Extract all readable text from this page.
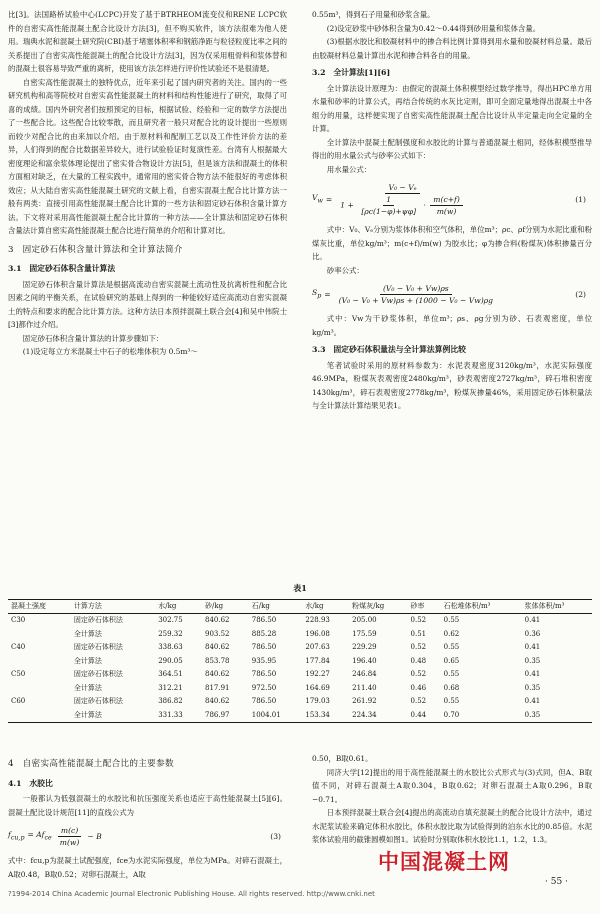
比[3]。法国路桥试验中心(LCPC)开发了基于BTRHEOM流变仪和RENE LCPC软件的自密实高性能混凝土配合比设计方法[3]，但不购买软件，该方法很难为他人使用。瑞典水泥和混凝土研究院(CBI)基于堵塞体积率和钢筋净距与粒径粒度比率之间的关系提出了自密实高性能混凝土的配合比设计方法[3]，因为仅采用粗骨料和浆体替和的混凝土很容易导致严重的离析，使用该方法怎样进行评价性试验还不是很清楚。

自密实高性能混凝土的独特优点，近年来引起了国内研究者的关注。国内的一些研究机构和高等院校对自密实高性能混凝土的材料和结构性能进行了研究，取得了可喜的成绩。国内外研究者们按照预定的目标，根据试验、经验和一定的数学方法提出了一些配合比。这些配合比较零散，而且研究者一般只对配合比的设计提出一些原则而较少对配合比的由来加以介绍。由于原材料和配制工艺以及工作性评价方法的差异，人们得到的配合比数据差异较大，进行试验验证时复演性差。台湾有人根据最大密度理论和富余浆体理论提出了密实骨合物设计方法[5]，但是该方法和混凝土的体积方面相对缺乏，在大量的工程实践中，通常用的密实骨合物方法不能很好的考虑体积效应；从大陆自密实高性能混凝土研究的文献上看，自密实混凝土配合比计算方法一般有两类：直接引用高性能混凝土配合比计算的一些方法和固定砂石体积含量计算方法。下文将对采用高性能混凝土配合比计算的一种方法——全计算法和固定砂石体积含量法计算自密实高性能混凝土配合比进行简单的介绍和计算对比。

3　固定砂石体积含量计算法和全计算法简介
3.1　固定砂石体积含量计算法

固定砂石体积含量计算法是根据高流动自密实混凝土流动性及抗离析性和配合比因素之间的平衡关系，在试验研究的基础上得到的一种能较好适应高流动自密实混凝土的特点和要求的配合比计算方法。这种方法日本预拌混凝土联合会[4]和吴中伟院士[3]都作过介绍。

固定砂石体积含量计算法的计算步骤如下：

(1)设定每立方米混凝土中石子的松堆体积为 0.5m³～

0.55m³，得到石子用量和砂浆含量。

(2)设定砂浆中砂体积含量为0.42～0.44得到砂用量和浆体含量。

(3)根据水胶比和胶凝材料中的掺合料比例计算得到用水量和胶凝材料总量。最后由胶凝材料总量计算出水泥和掺合料各自的用量。

3.2　全计算法[1][6]

全计算法设计原理为：由假定的混凝土体积模型经过数学推导，得出HPC单方用水量和砂率的计算公式，再结合传统的水灰比定则，即可全面定量地得出混凝土中各组分的用量，这样便实现了自密实高性能混凝土配合比设计从半定量走向全定量的全计算。

全计算法中混凝土配制强度和水胶比的计算与普通混凝土相同，经体积模型推导得出的用水量公式与砂率公式如下：

用水量公式：

$V_w$ =
V₀ − Vₑ
$1 + \frac{1}{[\rho c(1-\varphi)+\psi\varphi]} \cdot \frac{m(c+f)}{m(w)}$	(1)

式中：V₀、Vₑ分别为浆体体积和空气体积，单位m³；ρc、ρf分别为水泥比重和粉煤灰比重，单位kg/m³；m(c+f)/m(w) 为胶水比；φ为掺合料(粉煤灰)体积掺量百分比。

砂率公式：

$S_p = \frac{\text{(V₀ − V₀ + Vw)ρs}}{\text{(V₀ − V₀ + Vw)ρs + (1000 − V₀ − Vw)ρg}}$	(2)

式中：Vw为干砂浆体积，单位m³；ρs、ρg分别为砂、石表观密度，单位kg/m³。

3.3　固定砂石体积量法与全计算法算例比较

笔者试验时采用的原材料参数为：水泥表观密度3120kg/m³，水泥实际强度46.9MPa，粉煤灰表观密度2480kg/m³，砂表观密度2727kg/m³，碎石堆积密度1430kg/m³，碎石表观密度2778kg/m³，粉煤灰掺量46%，采用固定砂石体积量法与全计算法计算结果见表1。

表1
混凝土强度	计算方法	水/kg	砂/kg	石/kg	水/kg	粉煤灰/kg	砂率	石松堆体积/m³	浆体体积/m³
C30	固定砂石体积法	302.75	840.62	786.50	228.93	205.00	0.52	0.55	0.41
	全计算法	259.32	903.52	885.28	196.08	175.59	0.51	0.62	0.36
C40	固定砂石体积法	338.63	840.62	786.50	207.63	229.29	0.52	0.55	0.41
	全计算法	290.05	853.78	935.95	177.84	196.40	0.48	0.65	0.35
C50	固定砂石体积法	364.51	840.62	786.50	192.27	246.84	0.52	0.55	0.41
	全计算法	312.21	817.91	972.50	164.69	211.40	0.46	0.68	0.35
C60	固定砂石体积法	386.82	840.62	786.50	179.03	261.92	0.52	0.55	0.41
	全计算法	331.33	786.97	1004.01	153.34	224.34	0.44	0.70	0.35
4　自密实高性能混凝土配合比的主要参数
4.1　水胶比

一般都认为低强混凝土的水胶比和抗压强度关系也适应于高性能混凝土[5][6]。混凝土配比设计规范[11]的直线公式为

$f_{cu,p} = Af_{ce} \frac{m(c)}{m(w)} - B$	(3)

式中：fcu,p为混凝土试配强度，fce为水泥实际强度，单位为MPa。对碎石混凝土，A取0.48，B取0.52；对卵石混凝土，A取

0.50，B取0.61。

同济大学[12]提出的用于高性能混凝土的水胶比公式形式与(3)式同，但A、B取值不同，对碎石混凝土A取0.304，B取0.62；对卵石混凝土A取0.296，B取−0.71。

日本预拌混凝土联合会[4]提出的高流动自填充混凝土的配合比设计方法中，通过水泥浆试验来确定体积水胶比，体积水胶比取为试验得到的泊东水比的0.85倍。水泥浆体试验用的截锥圆模如图1。试验时分别取体积水胶比1.1，1.2，1.3。

中国混凝土网
· 55 ·
?1994-2014 China Academic Journal Electronic Publishing House. All rights reserved. http://www.cnki.net
